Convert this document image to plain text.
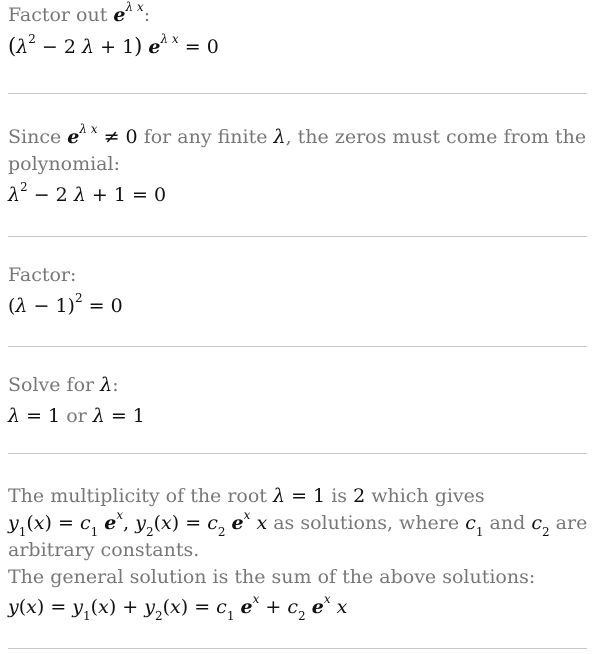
Factor out $e^{\lambda x}$:
($\lambda^2 - 2$ λ + 1) $e^{\lambda x} = 0$
Since $e^{\lambda x} \ne 0$ for any finite λ, the zeros must come from the
polynomial:
$\lambda^2 - 2$ λ + 1 = 0
Factor:
$(\lambda - 1)^2 = 0$
Solve for λ:
λ = 1 or λ = 1
The multiplicity of the root λ = 1 is 2 which gives
$y_1(x) = c_1$ $e^x$, $y_2(x) = c_2$ $e^x$ x as solutions, where $c_1$ and $c_2$ are
arbitrary constants.
The general solution is the sum of the above solutions:
$y(x) = y_1(x) + y_2(x) = c_1$ $e^x + c_2$ $e^x$ x
